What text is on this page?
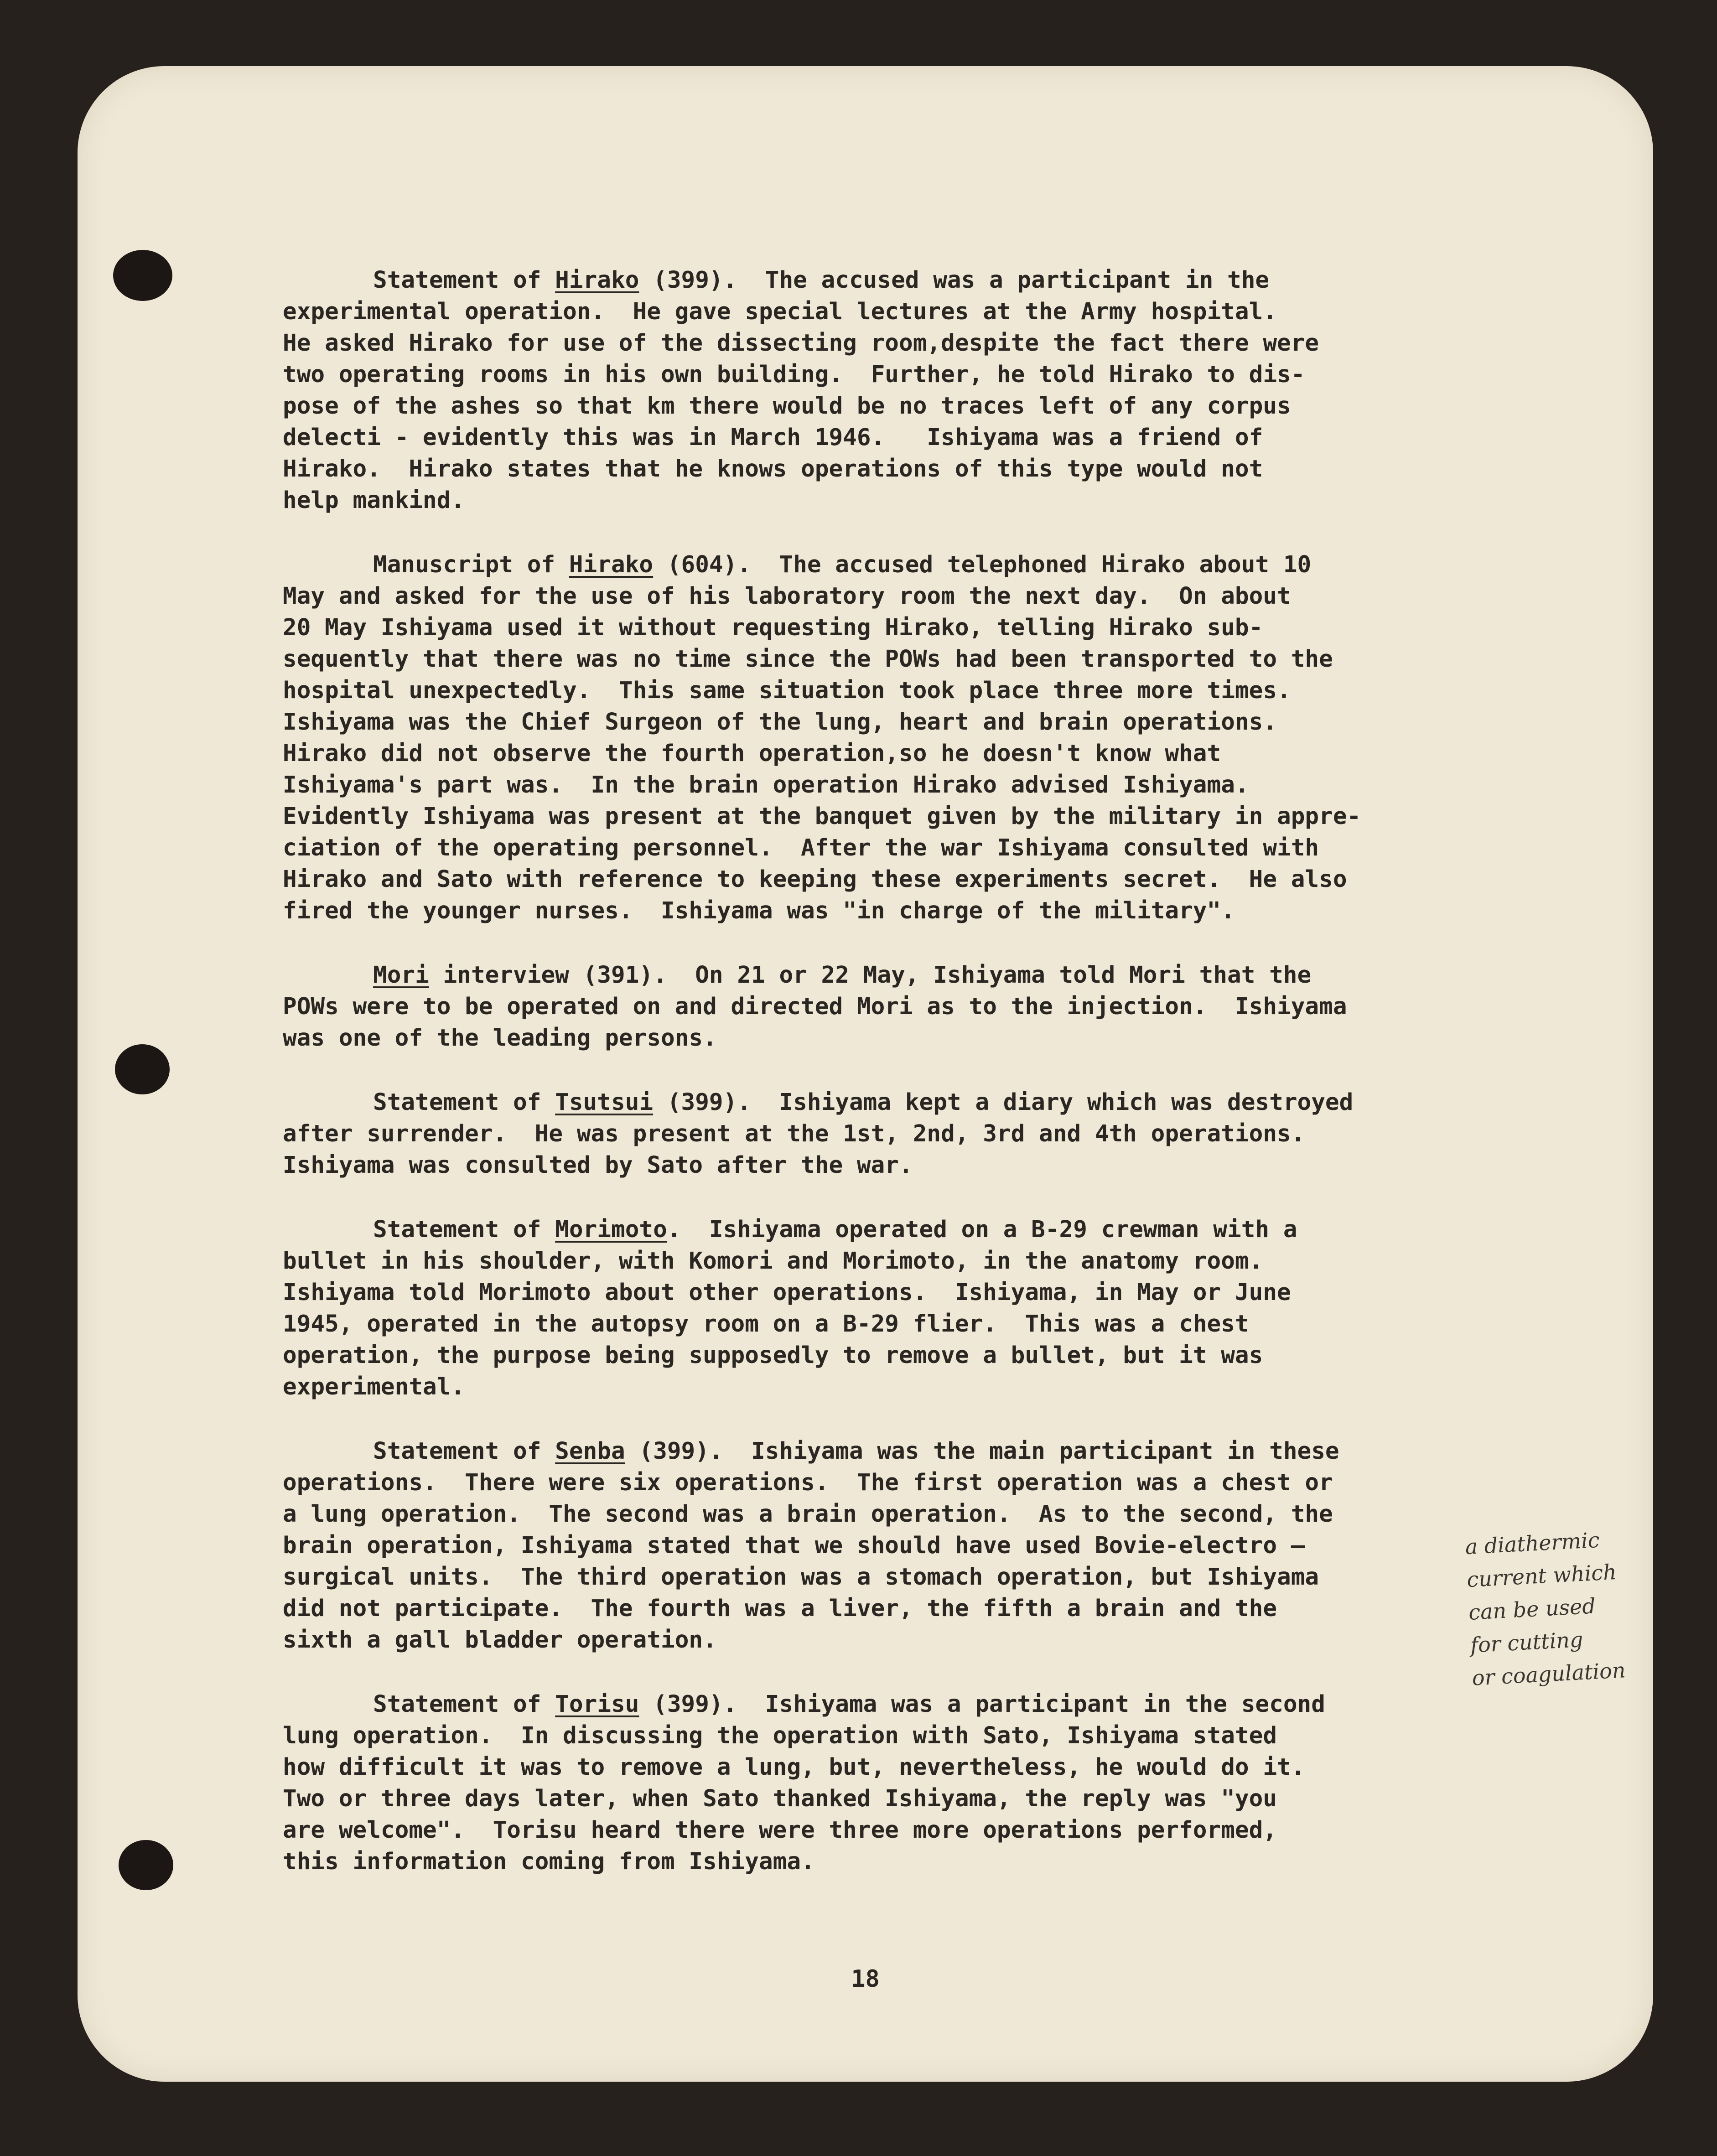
Statement of Hirako (399).  The accused was a participant in the
experimental operation.  He gave special lectures at the Army hospital.
He asked Hirako for use of the dissecting room,despite the fact there were
two operating rooms in his own building.  Further, he told Hirako to dis-
pose of the ashes so that km there would be no traces left of any corpus
delecti - evidently this was in March 1946.   Ishiyama was a friend of
Hirako.  Hirako states that he knows operations of this type would not
help mankind.
Manuscript of Hirako (604).  The accused telephoned Hirako about 10
May and asked for the use of his laboratory room the next day.  On about
20 May Ishiyama used it without requesting Hirako, telling Hirako sub-
sequently that there was no time since the POWs had been transported to the
hospital unexpectedly.  This same situation took place three more times.
Ishiyama was the Chief Surgeon of the lung, heart and brain operations.
Hirako did not observe the fourth operation,so he doesn't know what
Ishiyama's part was.  In the brain operation Hirako advised Ishiyama.
Evidently Ishiyama was present at the banquet given by the military in appre-
ciation of the operating personnel.  After the war Ishiyama consulted with
Hirako and Sato with reference to keeping these experiments secret.  He also
fired the younger nurses.  Ishiyama was "in charge of the military".
Mori interview (391).  On 21 or 22 May, Ishiyama told Mori that the
POWs were to be operated on and directed Mori as to the injection.  Ishiyama
was one of the leading persons.
Statement of Tsutsui (399).  Ishiyama kept a diary which was destroyed
after surrender.  He was present at the 1st, 2nd, 3rd and 4th operations.
Ishiyama was consulted by Sato after the war.
Statement of Morimoto.  Ishiyama operated on a B-29 crewman with a
bullet in his shoulder, with Komori and Morimoto, in the anatomy room.
Ishiyama told Morimoto about other operations.  Ishiyama, in May or June
1945, operated in the autopsy room on a B-29 flier.  This was a chest
operation, the purpose being supposedly to remove a bullet, but it was
experimental.
Statement of Senba (399).  Ishiyama was the main participant in these
operations.  There were six operations.  The first operation was a chest or
a lung operation.  The second was a brain operation.  As to the second, the
brain operation, Ishiyama stated that we should have used Bovie-electro —
surgical units.  The third operation was a stomach operation, but Ishiyama
did not participate.  The fourth was a liver, the fifth a brain and the
sixth a gall bladder operation.
Statement of Torisu (399).  Ishiyama was a participant in the second
lung operation.  In discussing the operation with Sato, Ishiyama stated
how difficult it was to remove a lung, but, nevertheless, he would do it.
Two or three days later, when Sato thanked Ishiyama, the reply was "you
are welcome".  Torisu heard there were three more operations performed,
this information coming from Ishiyama.
a diathermic
current which
can be used
for cutting
or coagulation
18
